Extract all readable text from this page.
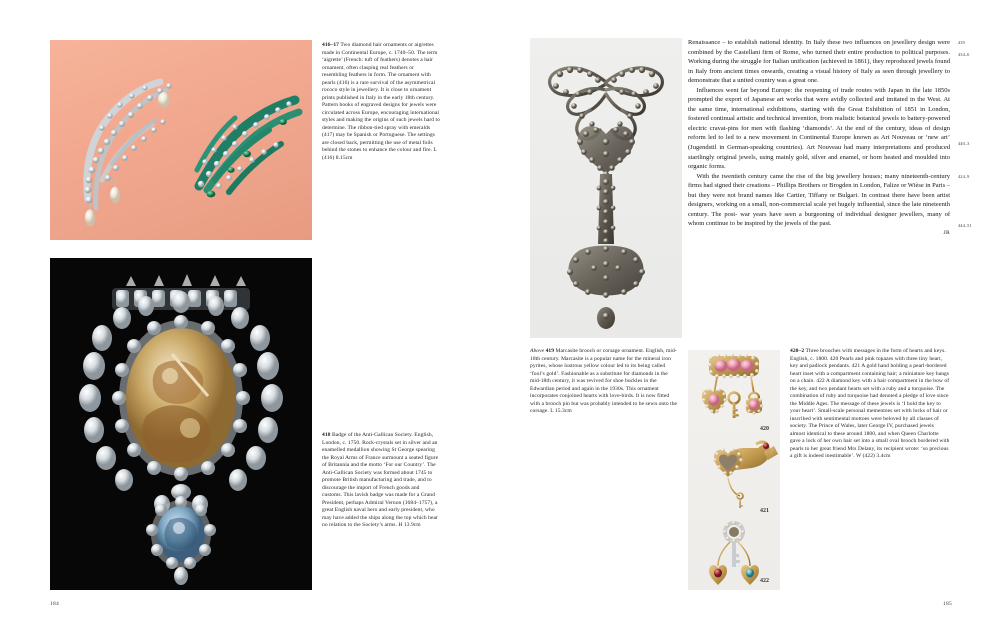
416–17 Two diamond hair ornaments or aigrettes made in Continental Europe, c. 1740–50. The term ‘aigrette’ (French: tuft of feathers) denotes a hair ornament, often clasping real feathers or resembling feathers in form. The ornament with pearls (416) is a rare survival of the asymmetrical rococo style in jewellery. It is close to ornament prints published in Italy in the early 18th century. Pattern books of engraved designs for jewels were circulated across Europe, encouraging international styles and making the origins of such jewels hard to determine. The ribbon-tied spray with emeralds (417) may be Spanish or Portuguese. The settings are closed back, permitting the use of metal foils behind the stones to enhance the colour and fire. L (416) 8.15cm
418 Badge of the Anti-Gallican Society. English, London, c. 1750. Rock-crystals set in silver and an enamelled medallion showing St George spearing the Royal Arms of France surmount a seated figure of Britannia and the motto ‘For our Country’. The Anti-Gallican Society was formed about 1745 to promote British manufacturing and trade, and to discourage the import of French goods and customs. This lavish badge was made for a Grand President, perhaps Admiral Vernon (1684–1757), a great English naval hero and early president, who may have added the ships along the top which bear no relation to the Society’s arms. H 13.9cm
184
Above 419 Marcasite brooch or corsage ornament. English, mid-18th century. Marcasite is a popular name for the mineral iron pyrites, whose lustrous yellow colour led to its being called ‘fool’s gold’. Fashionable as a substitute for diamonds in the mid-18th century, it was revived for shoe buckles in the Edwardian period and again in the 1930s. This ornament incorporates conjoined hearts with love-birds. It is now fitted with a brooch pin but was probably intended to be sewn onto the corsage. L 15.3cm
420
421
422
420–2 Three brooches with messages in the form of hearts and keys. English, c. 1800. 420 Pearls and pink topazes with three tiny heart, key and padlock pendants. 421 A gold hand holding a pearl-bordered heart inset with a compartment containing hair; a miniature key hangs on a chain. 422 A diamond key with a hair compartment in the bow of the key, and two pendant hearts set with a ruby and a turquoise. The combination of ruby and turquoise had denoted a pledge of love since the Middle Ages. The message of these jewels is ‘I hold the key to your heart’. Small-scale personal mementoes set with locks of hair or inscribed with sentimental mottoes were beloved by all classes of society. The Prince of Wales, later George IV, purchased jewels almost identical to these around 1800, and when Queen Charlotte gave a lock of her own hair set into a small oval brooch bordered with pearls to her great friend Mrs Delany, its recipient wrote: ‘so precious a gift is indeed inestimable’. W (422) 3.4cm

Renaissance – to establish national identity. In Italy these two influences on jewellery design were combined by the Castellani firm of Rome, who turned their entire production to political purposes. Working during the struggle for Italian unification (achieved in 1861), they reproduced jewels found in Italy from ancient times onwards, creating a visual history of Italy as seen through jewellery to demonstrate that a united country was a great one.

Influences went far beyond Europe: the reopening of trade routes with Japan in the late 1850s prompted the export of Japanese art works that were avidly collected and imitated in the West. At the same time, international exhibitions, starting with the Great Exhibition of 1851 in London, fostered continual artistic and technical invention, from realistic botanical jewels to battery-powered electric cravat-pins for men with flashing ‘diamonds’. At the end of the century, ideas of design reform led to led to a new movement in Continental Europe known as Art Nouveau or ‘new art’ (Jugendstil in German-speaking countries). Art Nouveau had many interpretations and produced startlingly original jewels, using mainly gold, silver and enamel, or horn heated and moulded into organic forms.

With the twentieth century came the rise of the big jewellery houses; many nineteenth-century firms had signed their creations – Phillips Brothers or Brogden in London, Falize or Wièse in Paris – but they were not brand names like Cartier, Tiffany or Bulgari. In contrast there have been artist designers, working on a small, non-commercial scale yet hugely influential, since the late nineteenth century. The post- war years have seen a burgeoning of individual designer jewellers, many of whom continue to be inspired by the jewels of the past.

JR
439
434–6
440–3
424–9
444–51
185
